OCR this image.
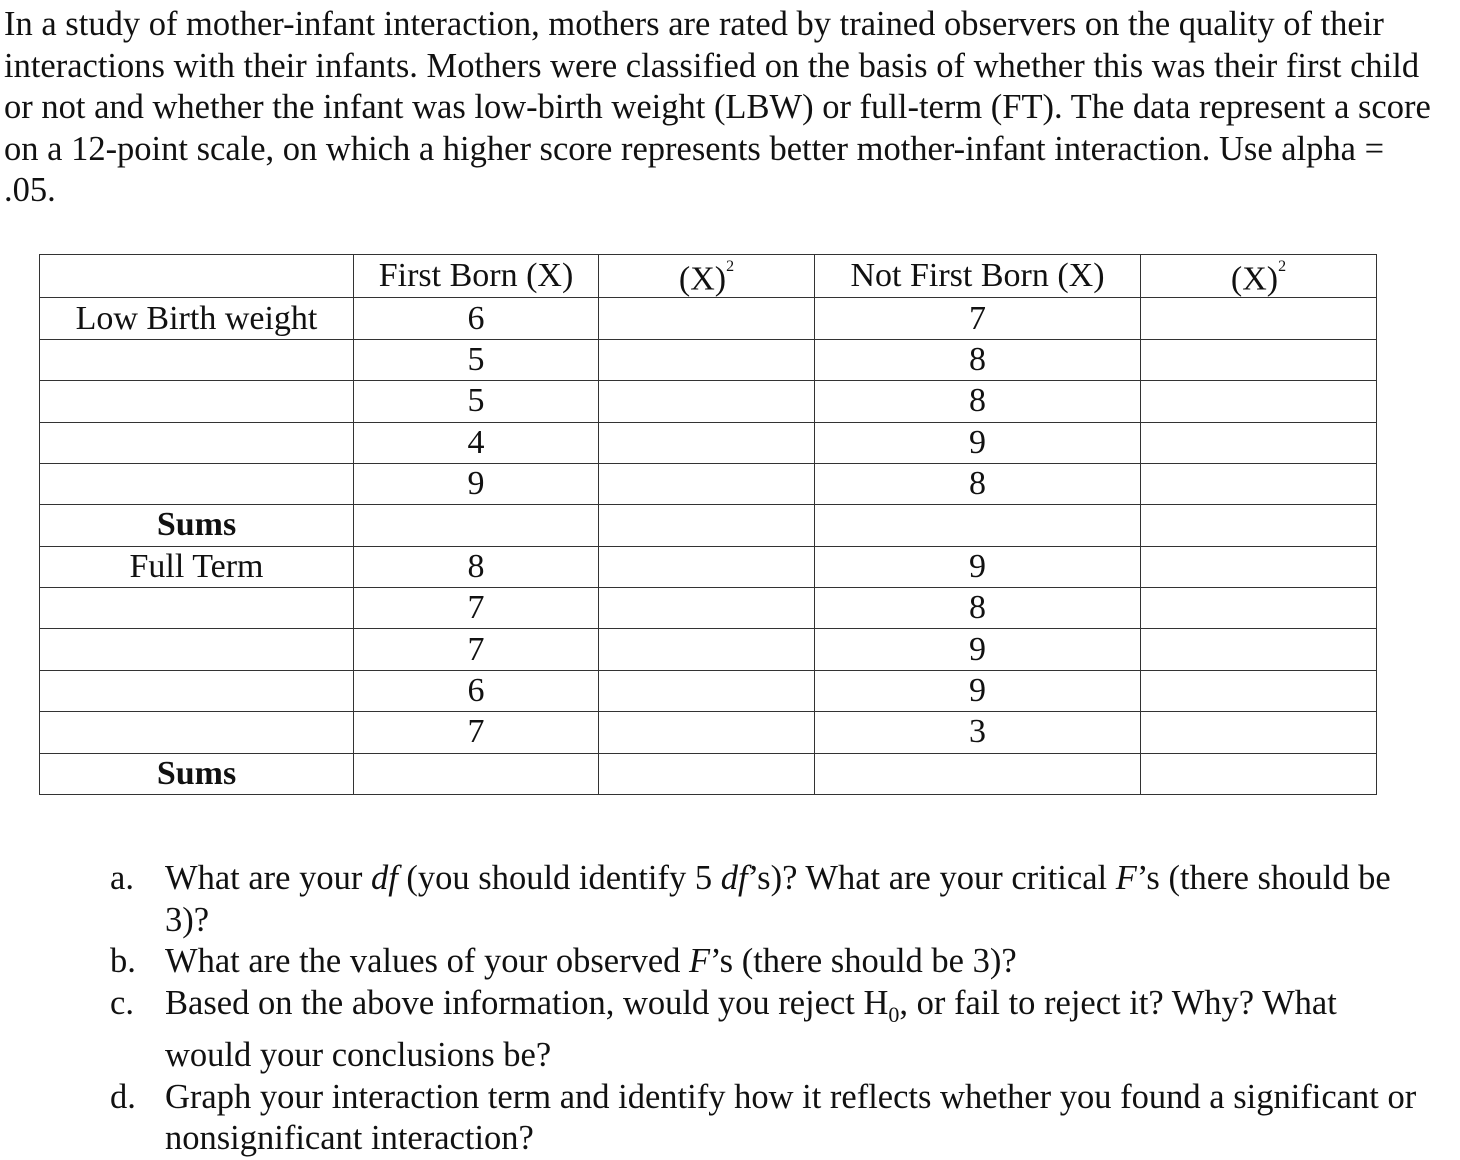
In a study of mother-infant interaction, mothers are rated by trained observers on the quality of their interactions with their infants. Mothers were classified on the basis of whether this was their first child or not and whether the infant was low-birth weight (LBW) or full-term (FT). The data represent a score on a 12-point scale, on which a higher score represents better mother-infant interaction. Use alpha = .05.

	First Born (X)	$(X)^2$	Not First Born (X)	$(X)^2$
Low Birth weight	6		7	
	5		8	
	5		8	
	4		9	
	9		8	
Sums				
Full Term	8		9	
	7		8	
	7		9	
	6		9	
	7		3	
Sums				
a. What are your df (you should identify 5 df’s)? What are your critical F’s (there should be 3)?
b. What are the values of your observed F’s (there should be 3)?
c. Based on the above information, would you reject $H_0$, or fail to reject it? Why? What would your conclusions be?
d. Graph your interaction term and identify how it reflects whether you found a significant or nonsignificant interaction?
